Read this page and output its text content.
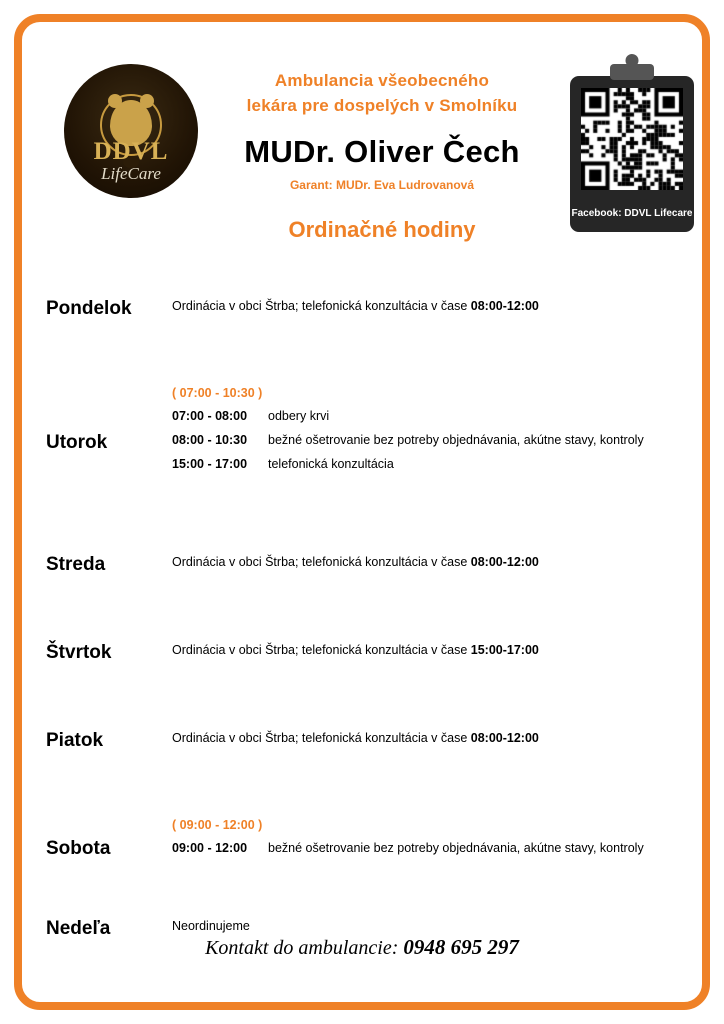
DDVL
LifeCare
Ambulancia všeobecného
lekára pre dospelých v Smolníku
MUDr. Oliver Čech
Garant: MUDr. Eva Ludrovanová
Ordinačné hodiny
Facebook: DDVL Lifecare
Pondelok	Ordinácia v obci Štrba; telefonická konzultácia v čase 08:00-12:00
Utorok
( 07:00 - 10:30 )
07:00 - 08:00 odbery krvi
08:00 - 10:30 bežné ošetrovanie bez potreby objednávania, akútne stavy, kontroly
15:00 - 17:00 telefonická konzultácia
Streda	Ordinácia v obci Štrba; telefonická konzultácia v čase 08:00-12:00
Štvrtok	Ordinácia v obci Štrba; telefonická konzultácia v čase 15:00-17:00
Piatok	Ordinácia v obci Štrba; telefonická konzultácia v čase 08:00-12:00
Sobota
( 09:00 - 12:00 )
09:00 - 12:00 bežné ošetrovanie bez potreby objednávania, akútne stavy, kontroly
Nedeľa	Neordinujeme
Kontakt do ambulancie: 0948 695 297
